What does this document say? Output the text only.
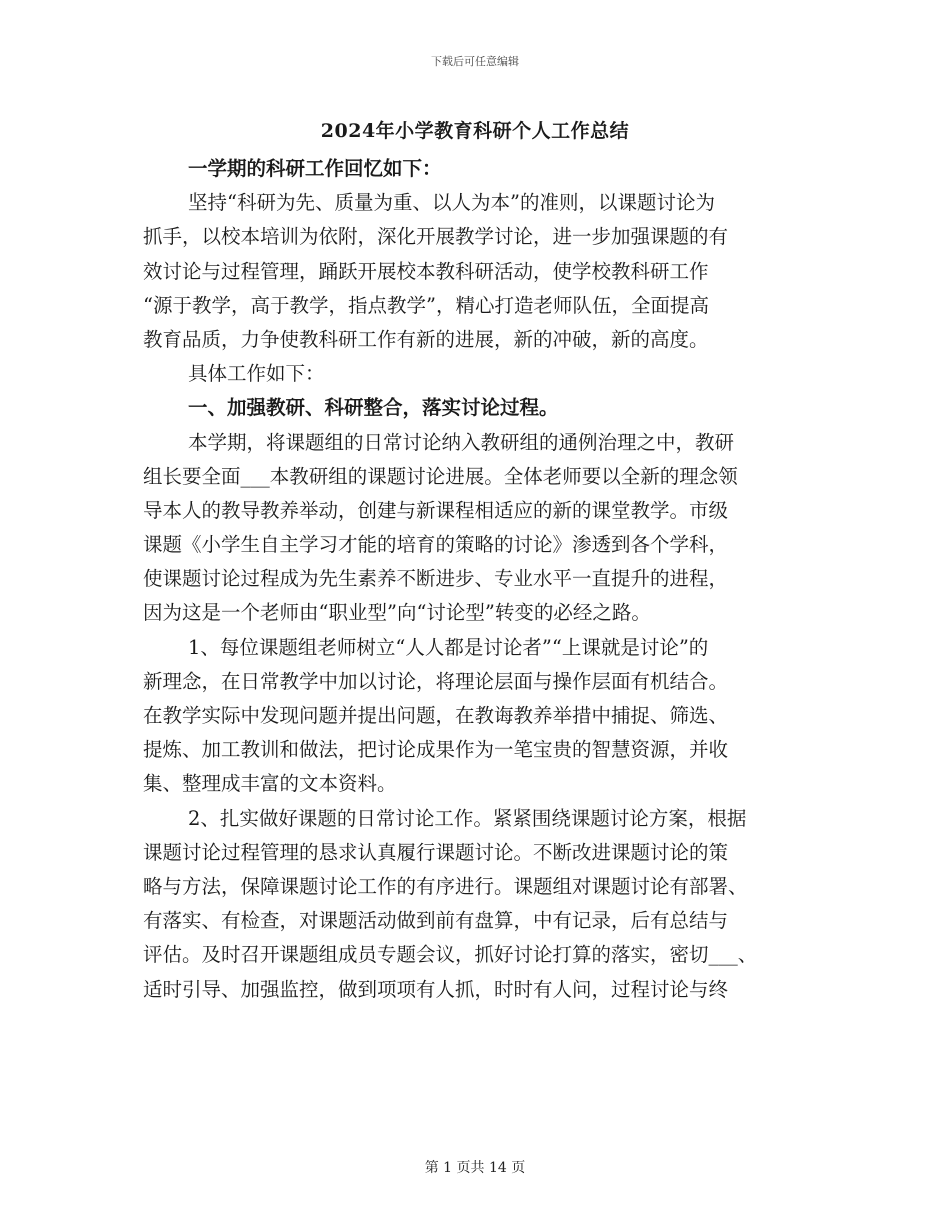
下载后可任意编辑
2024年小学教育科研个人工作总结
一学期的科研工作回忆如下：
坚持“科研为先、质量为重、以人为本”的准则，以课题讨论为
抓手，以校本培训为依附，深化开展教学讨论，进一步加强课题的有
效讨论与过程管理，踊跃开展校本教科研活动，使学校教科研工作
“源于教学，高于教学，指点教学”，精心打造老师队伍，全面提高
教育品质，力争使教科研工作有新的进展，新的冲破，新的高度。
具体工作如下：
一、加强教研、科研整合，落实讨论过程。
本学期，将课题组的日常讨论纳入教研组的通例治理之中，教研
组长要全面___本教研组的课题讨论进展。全体老师要以全新的理念领
导本人的教导教养举动，创建与新课程相适应的新的课堂教学。市级
课题《小学生自主学习才能的培育的策略的讨论》渗透到各个学科，
使课题讨论过程成为先生素养不断进步、专业水平一直提升的进程，
因为这是一个老师由“职业型”向“讨论型”转变的必经之路。
1、每位课题组老师树立“人人都是讨论者”“上课就是讨论”的
新理念，在日常教学中加以讨论，将理论层面与操作层面有机结合。
在教学实际中发现问题并提出问题，在教诲教养举措中捕捉、筛选、
提炼、加工教训和做法，把讨论成果作为一笔宝贵的智慧资源，并收
集、整理成丰富的文本资料。
2、扎实做好课题的日常讨论工作。紧紧围绕课题讨论方案，根据
课题讨论过程管理的恳求认真履行课题讨论。不断改进课题讨论的策
略与方法，保障课题讨论工作的有序进行。课题组对课题讨论有部署、
有落实、有检查，对课题活动做到前有盘算，中有记录，后有总结与
评估。及时召开课题组成员专题会议，抓好讨论打算的落实，密切___、
适时引导、加强监控，做到项项有人抓，时时有人问，过程讨论与终
第 1 页共 14 页
